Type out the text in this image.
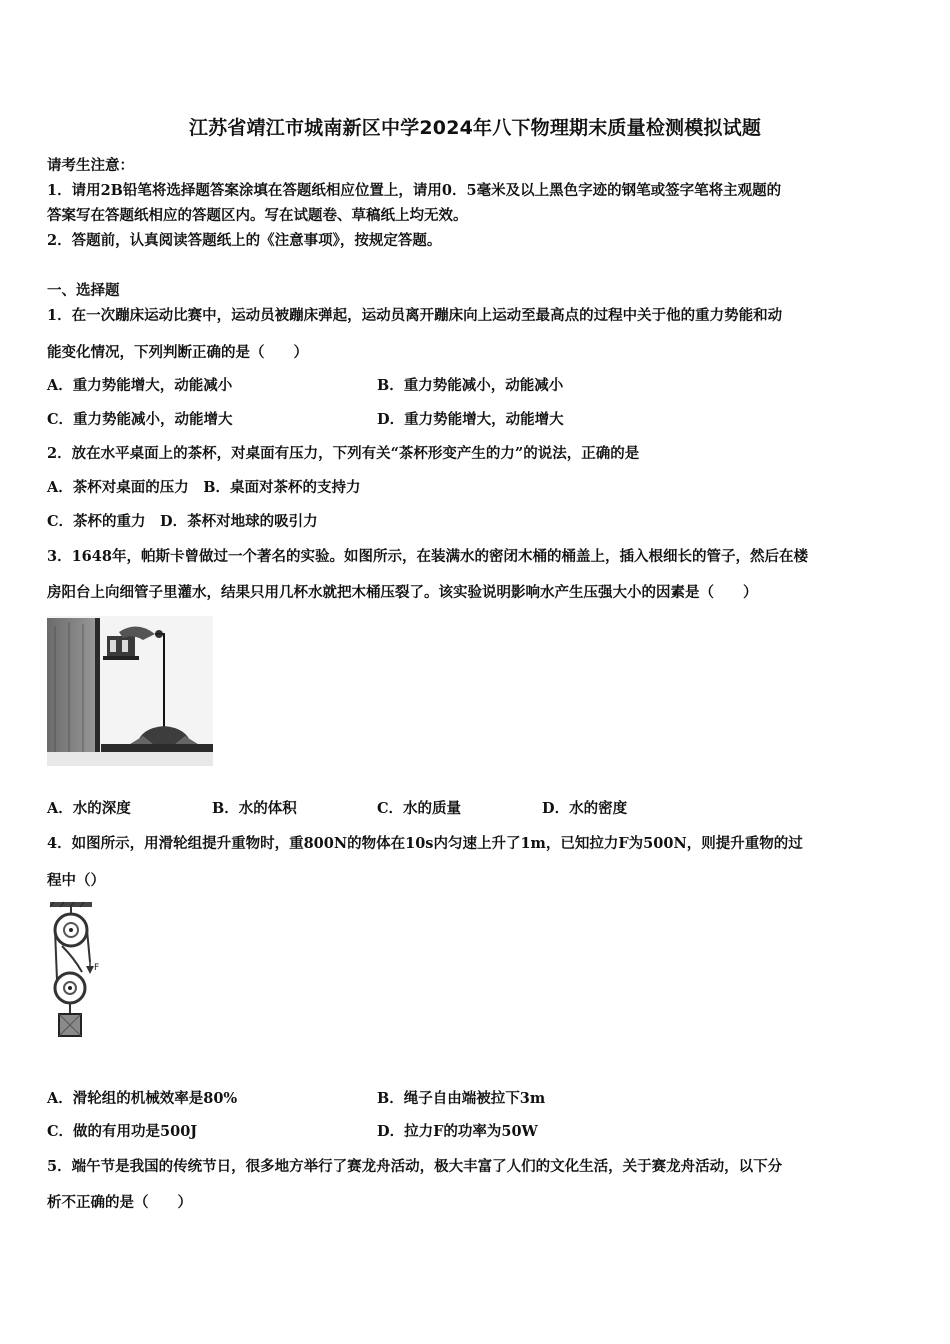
江苏省靖江市城南新区中学2024年八下物理期末质量检测模拟试题
请考生注意：
1．请用2B铅笔将选择题答案涂填在答题纸相应位置上，请用0．5毫米及以上黑色字迹的钢笔或签字笔将主观题的
答案写在答题纸相应的答题区内。写在试题卷、草稿纸上均无效。
2．答题前，认真阅读答题纸上的《注意事项》，按规定答题。
一、选择题
1．在一次蹦床运动比赛中，运动员被蹦床弹起，运动员离开蹦床向上运动至最高点的过程中关于他的重力势能和动
能变化情况，下列判断正确的是（　　）
A．重力势能增大，动能减小	B．重力势能减小，动能减小
C．重力势能减小，动能增大	D．重力势能增大，动能增大
2．放在水平桌面上的茶杯，对桌面有压力，下列有关“茶杯形变产生的力”的说法，正确的是
A．茶杯对桌面的压力　B．桌面对茶杯的支持力
C．茶杯的重力　D．茶杯对地球的吸引力
3．1648年，帕斯卡曾做过一个著名的实验。如图所示，在装满水的密闭木桶的桶盖上，插入根细长的管子，然后在楼
房阳台上向细管子里灌水，结果只用几杯水就把木桶压裂了。该实验说明影响水产生压强大小的因素是（　　）
A．水的深度	B．水的体积	C．水的质量	D．水的密度
4．如图所示，用滑轮组提升重物时，重800N的物体在10s内匀速上升了1m，已知拉力F为500N，则提升重物的过
程中（）
F
A．滑轮组的机械效率是80%	B．绳子自由端被拉下3m
C．做的有用功是500J	D．拉力F的功率为50W
5．端午节是我国的传统节日，很多地方举行了赛龙舟活动，极大丰富了人们的文化生活，关于赛龙舟活动，以下分
析不正确的是（　　）
